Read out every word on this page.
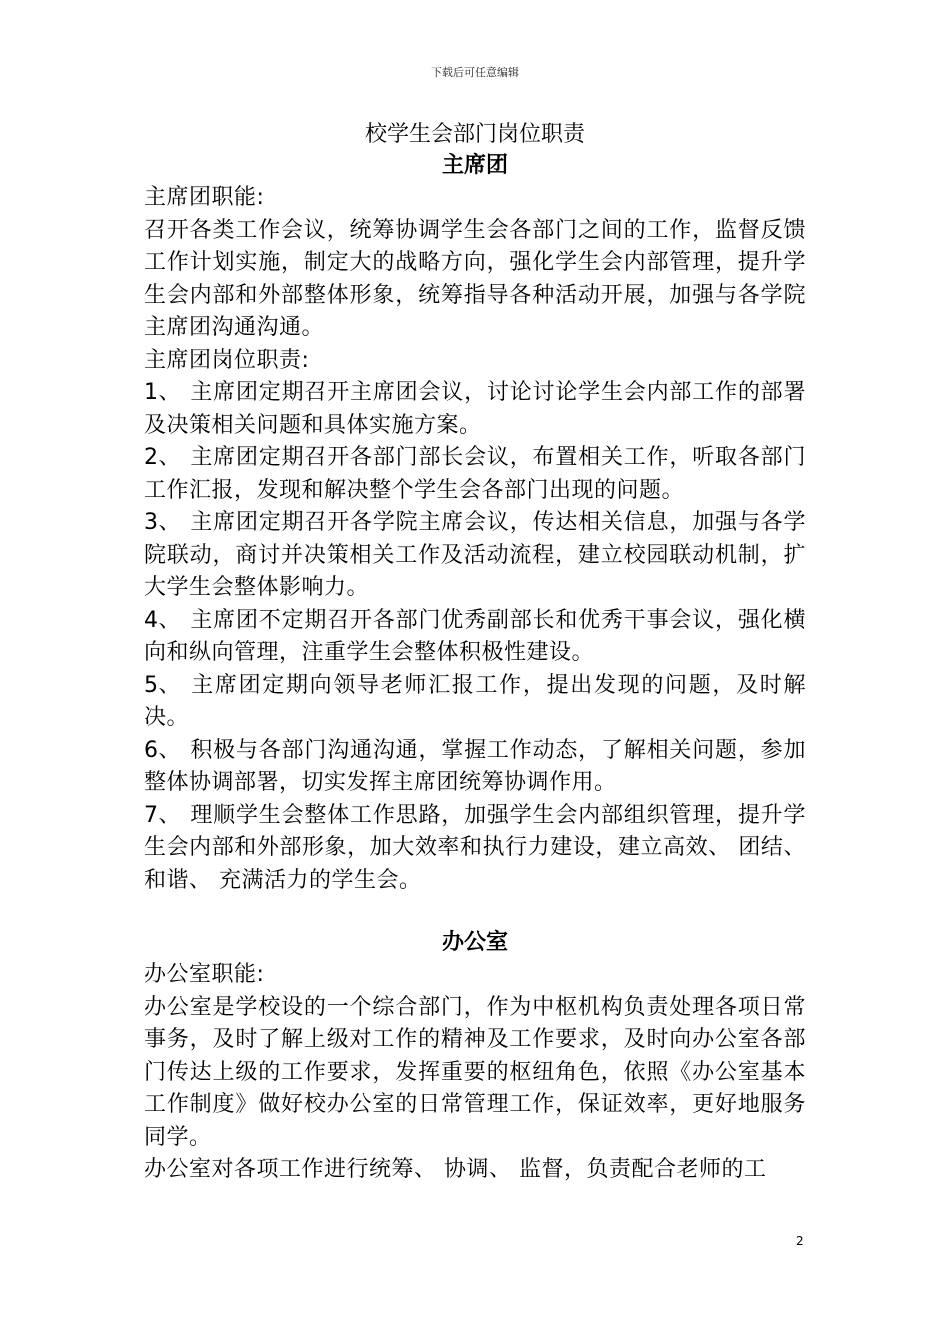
下载后可任意编辑
校学生会部门岗位职责
主席团

主席团职能:

召开各类工作会议，统筹协调学生会各部门之间的工作，监督反馈工作计划实施，制定大的战略方向，强化学生会内部管理，提升学生会内部和外部整体形象，统筹指导各种活动开展，加强与各学院主席团沟通沟通。

主席团岗位职责:

1、 主席团定期召开主席团会议，讨论讨论学生会内部工作的部署及决策相关问题和具体实施方案。

2、 主席团定期召开各部门部长会议，布置相关工作，听取各部门工作汇报，发现和解决整个学生会各部门出现的问题。

3、 主席团定期召开各学院主席会议，传达相关信息，加强与各学院联动，商讨并决策相关工作及活动流程，建立校园联动机制，扩大学生会整体影响力。

4、 主席团不定期召开各部门优秀副部长和优秀干事会议，强化横向和纵向管理，注重学生会整体积极性建设。

5、 主席团定期向领导老师汇报工作，提出发现的问题，及时解决。

6、 积极与各部门沟通沟通，掌握工作动态，了解相关问题，参加整体协调部署，切实发挥主席团统筹协调作用。

7、 理顺学生会整体工作思路，加强学生会内部组织管理，提升学生会内部和外部形象，加大效率和执行力建设，建立高效、 团结、 和谐、 充满活力的学生会。

办公室

办公室职能:

办公室是学校设的一个综合部门，作为中枢机构负责处理各项日常事务，及时了解上级对工作的精神及工作要求，及时向办公室各部门传达上级的工作要求，发挥重要的枢纽角色，依照《办公室基本工作制度》做好校办公室的日常管理工作，保证效率，更好地服务同学。

办公室对各项工作进行统筹、 协调、 监督，负责配合老师的工

2
